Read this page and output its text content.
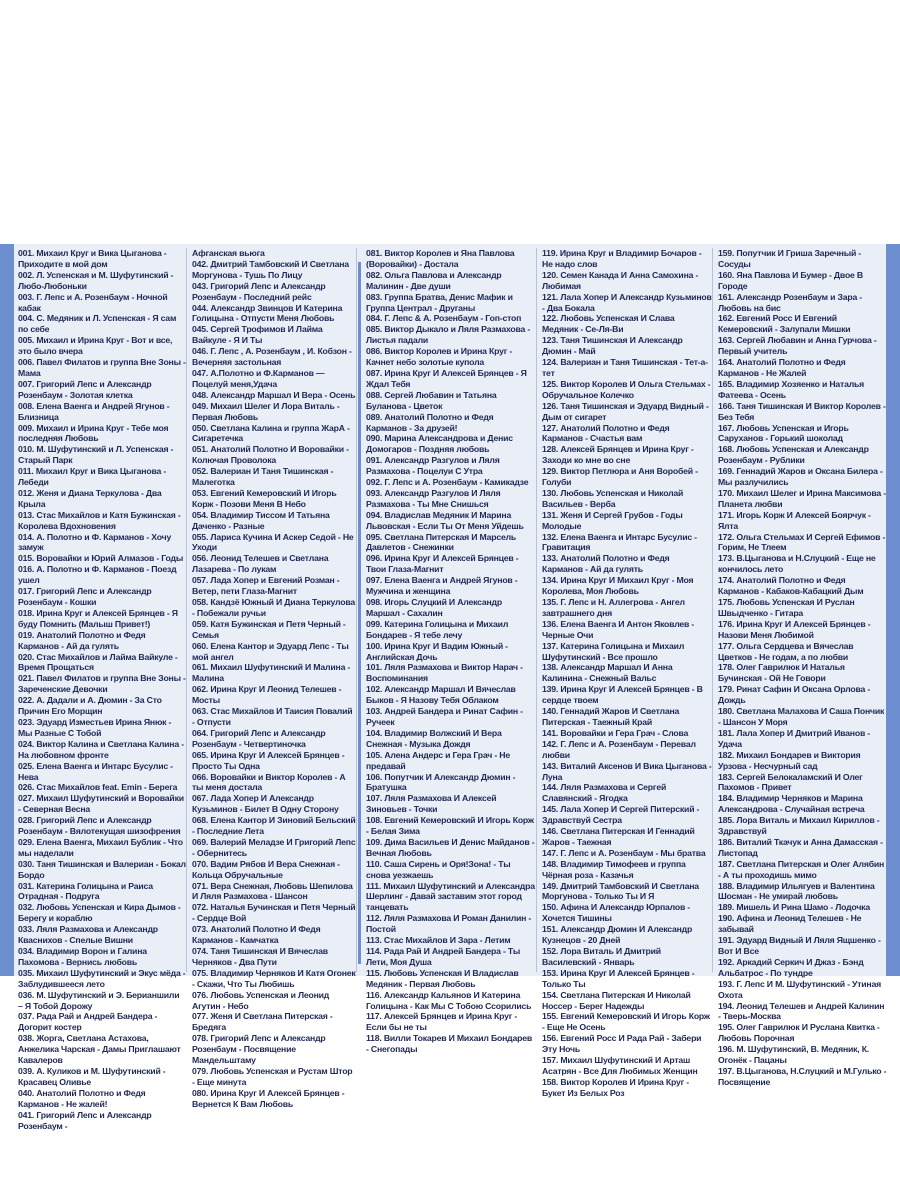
001. Михаил Круг и Вика Цыганова - Приходите в мой дом
002. Л. Успенская и М. Шуфутинский - Любо-Любоньки
003. Г. Лепс и А. Розенбаум - Ночной кабак
004. С. Медяник и Л. Успенская - Я сам по себе
005. Михаил и Ирина Круг - Вот и все, это было вчера
006. Павел Филатов и группа Вне Зоны - Мама
007. Григорий Лепс и Александр Розенбаум - Золотая клетка
008. Елена Ваенга и Андрей Ягунов - Близница
009. Михаил и Ирина Круг - Тебе моя последняя Любовь
010. М. Шуфутинский и Л. Успенская - Старый Парк
011. Михаил Круг и Вика Цыганова - Лебеди
012. Женя и Диана Теркулова - Два Крыла
013. Стас Михайлов и Катя Бужинская - Королева Вдохновения
014. А. Полотно и Ф. Карманов - Хочу замуж
015. Воровайки и Юрий Алмазов - Годы
016. А. Полотно и Ф. Карманов - Поезд ушел
017. Григорий Лепс и Александр Розенбаум - Кошки
018. Ирина Круг и Алексей Брянцев - Я буду Помнить (Малыш Привет!)
019. Анатолий Полотно и Федя Карманов - Ай да гулять
020. Стас Михайлов и Лайма Вайкуле - Время Прощаться
021. Павел Филатов и группа Вне Зоны - Зареченские Девочки
022. А. Дадали и А. Дюмин - За Сто Причин Его Морщин
023. Эдуард Изместьев Ирина Янюк - Мы Разные С Тобой
024. Виктор Калина и Светлана Калина - На любовном фронте
025. Елена Ваенга и Интарс Бусулис - Нева
026. Стас Михайлов feat. Emin - Берега
027. Михаил Шуфутинский и Воровайки - Северная Весна
028. Григорий Лепс и Александр Розенбаум - Вялотекущая шизофрения
029. Елена Ваенга, Михаил Бублик - Что мы наделали
030. Таня Тишинская и Валериан - Бокал Бордо
031. Катерина Голицына и Раиса Отрадная - Подруга
032. Любовь Успенская и Кира Дымов - Берегу и кораблю
033. Ляля Размахова и Александр Кваснихов - Спелые Вишни
034. Владимир Ворон и Галина Пахомова - Вернись любовь
035. Михаил Шуфутинский и Экус мёда - Заблудившееся лето
036. М. Шуфутинский и Э. Берианшили – Я Тобой Дорожу
037. Рада Рай и Андрей Бандера - Догорит костер
038. Жорга, Светлана Астахова, Анжелика Чарская - Дамы Приглашают Кавалеров
039. А. Куликов и М. Шуфутинский - Красавец Оливье
040. Анатолий Полотно и Федя Карманов - Не жалей!
041. Григорий Лепс и Александр Розенбаум -
Афганская вьюга
042. Дмитрий Тамбовский И Светлана Моргунова - Тушь По Лицу
043. Григорий Лепс и Александр Розенбаум - Последний рейс
044. Александр Звинцов И Катерина Голицына - Отпусти Меня Любовь
045. Сергей Трофимов И Лайма Вайкуле - Я И Ты
046. Г. Лепс , А. Розенбаум , И. Кобзон - Вечерняя застольная
047. А.Полотно и Ф.Карманов — Поцелуй меня,Удача
048. Александр Маршал И Вера - Осень
049. Михаил Шелег И Лора Виталь - Первая Любовь
050. Светлана Калина и группа ЖарА - Сигаретечка
051. Анатолий Полотно И Воровайки - Колючая Проволока
052. Валериан И Таня Тишинская - Малеготка
053. Евгений Кемеровский И Игорь Корж - Позови Меня В Небо
054. Владимир Тиссом И Татьяна Даченко - Разные
055. Лариса Кучина И Аскер Седой - Не Уходи
056. Леонид Телешев и Светлана Лазарева - По лукам
057. Лада Хопер и Евгений Розман - Ветер, пети Глаза-Магнит
058. Кандзё Южный И Диана Теркулова - Побежали ручьи
059. Катя Бужинская и Петя Черный - Семья
060. Елена Кантор и Эдуард Лепс - Ты мой ангел
061. Михаил Шуфутинский И Малина - Малина
062. Ирина Круг И Леонид Телешев - Мосты
063. Стас Михайлов И Таисия Повалий - Отпусти
064. Григорий Лепс и Александр Розенбаум - Четвертиночка
065. Ирина Круг И Алексей Брянцев - Просто Ты Одна
066. Воровайки и Виктор Королев - А ты меня достала
067. Лада Хопер И Александр Кузьминов - Билет В Одну Сторону
068. Елена Кантор И Зиновий Бельский - Последние Лета
069. Валерий Меладзе И Григорий Лепс - Обернитесь
070. Вадим Рябов И Вера Снежная - Кольца Обручальные
071. Вера Снежная, Любовь Шепилова И Ляля Размахова - Шансон
072. Наталья Бучинская и Петя Черный - Сердце Вой
073. Анатолий Полотно И Федя Карманов - Камчатка
074. Таня Тишинская И Вячеслав Черняков - Два Пути
075. Владимир Черняков И Катя Огонек - Скажи, Что Ты Любишь
076. Любовь Успенская и Леонид Агутин - Небо
077. Женя И Светлана Питерская - Бредяга
078. Григорий Лепс и Александр Розенбаум - Посвящение Мандельштаму
079. Любовь Успенская и Рустам Штор - Еще минута
080. Ирина Круг И Алексей Брянцев - Вернется К Вам Любовь
081. Виктор Королев и Яна Павлова (Воровайки) - Достала
082. Ольга Павлова и Александр Малинин - Две души
083. Группа Братва, Денис Мафик и Группа Централ - Друганы
084. Г. Лепс & А. Розенбаум - Гоп-стоп
085. Виктор Дыкало и Ляля Размахова - Листья падали
086. Виктор Королев и Ирина Круг - Качнет небо золотые купола
087. Ирина Круг И Алексей Брянцев - Я Ждал Тебя
088. Сергей Любавин и Татьяна Буланова - Цветок
089. Анатолий Полотно и Федя Карманов - За друзей!
090. Марина Александрова и Денис Домогаров - Поздняя любовь
091. Александр Разгулов и Ляля Размахова - Поцелуи С Утра
092. Г. Лепс и А. Розенбаум - Камикадзе
093. Александр Разгулов И Ляля Размахова - Ты Мне Снишься
094. Владислав Медяник И Марина Львовская - Если Ты От Меня Уйдешь
095. Светлана Питерская И Марсель Давлетов - Снежинки
096. Ирина Круг И Алексей Брянцев - Твои Глаза-Магнит
097. Елена Ваенга и Андрей Ягунов - Мужчина и женщина
098. Игорь Слуцкий И Александр Маршал - Сахалин
099. Катерина Голицына и Михаил Бондарев - Я тебе лечу
100. Ирина Круг И Вадим Южный - Английская Дочь
101. Ляля Размахова и Виктор Нарач - Воспоминания
102. Александр Маршал И Вячеслав Быков - Я Назову Тебя Облаком
103. Андрей Бандера и Ринат Сафин - Ручеек
104. Владимир Волжский И Вера Снежная - Музыка Дождя
105. Алена Андерс и Гера Грач - Не предавай
106. Попутчик И Александр Дюмин - Братушка
107. Ляля Размахова И Алексей Зиновьев - Точки
108. Евгений Кемеровский И Игорь Корж - Белая Зима
109. Дима Васильев И Денис Майданов - Вечная Любовь
110. Саша Сирень и Оря!Зона! - Ты снова уезжаешь
111. Михаил Шуфутинский и Александра Шерлинг - Давай заставим этот город танцевать
112. Ляля Размахова И Роман Данилин - Постой
113. Стас Михайлов И Зара - Летим
114. Рада Рай И Андрей Бандера - Ты Лети, Моя Душа
115. Любовь Успенская И Владислав Медяник - Первая Любовь
116. Александр Кальянов И Катерина Голицына - Как Мы С Тобою Ссорились
117. Алексей Брянцев и Ирина Круг - Если бы не ты
118. Вилли Токарев И Михаил Бондарев - Снегопады
119. Ирина Круг и Владимир Бочаров - Не надо слов
120. Семен Канада И Анна Самохина - Любимая
121. Лала Хопер И Александр Кузьминов - Два Бокала
122. Любовь Успенская И Слава Медяник - Се-Ля-Ви
123. Таня Тишинская И Александр Дюмин - Май
124. Валериан и Таня Тишинская - Тет-а-тет
125. Виктор Королев И Ольга Стельмах - Обручальное Колечко
126. Таня Тишинская и Эдуард Видный - Дым от сигарет
127. Анатолий Полотно и Федя Карманов - Счастья вам
128. Алексей Брянцев и Ирина Круг - Заходи ко мне во сне
129. Виктор Петлюра и Аня Воробей - Голуби
130. Любовь Успенская и Николай Васильев - Верба
131. Женя И Сергей Грубов - Годы Молодые
132. Елена Ваенга и Интарс Бусулис - Гравитация
133. Анатолий Полотно и Федя Карманов - Ай да гулять
134. Ирина Круг И Михаил Круг - Моя Королева, Моя Любовь
135. Г. Лепс и Н. Аллегрова - Ангел завтрашнего дня
136. Елена Ваенга И Антон Яковлев - Черные Очи
137. Катерина Голицына и Михаил Шуфутинский - Все прошло
138. Александр Маршал И Анна Калинина - Снежный Вальс
139. Ирина Круг И Алексей Брянцев - В сердце твоем
140. Геннадий Жаров И Светлана Питерская - Таежный Край
141. Воровайки и Гера Грач - Слова
142. Г. Лепс и А. Розенбаум - Перевал любви
143. Виталий Аксенов И Вика Цыганова - Луна
144. Ляля Размахова и Сергей Славянский - Ягодка
145. Лала Хопер И Сергей Питерский - Здравствуй Сестра
146. Светлана Питерская И Геннадий Жаров - Таежная
147. Г. Лепс и А. Розенбаум - Мы братва
148. Владимир Тимофеев и группа Чёрная роза - Казачья
149. Дмитрий Тамбовский И Светлана Моргунова - Только Ты И Я
150. Афина И Александр Юрпалов - Хочется Тишины
151. Александр Дюмин И Александр Кузнецов - 20 Дней
152. Лора Виталь И Дмитрий Василевский - Январь
153. Ирина Круг И Алексей Брянцев - Только Ты
154. Светлана Питерская И Николай Носсер - Берег Надежды
155. Евгений Кемеровский И Игорь Корж - Еще Не Осень
156. Евгений Росс И Рада Рай - Забери Эту Ночь
157. Михаил Шуфутинский И Арташ Асатрян - Все Для Любимых Женщин
158. Виктор Королев И Ирина Круг - Букет Из Белых Роз
159. Попутчик И Гриша Заречный - Сосуды
160. Яна Павлова И Бумер - Двое В Городе
161. Александр Розенбаум и Зара - Любовь на бис
162. Евгений Росс И Евгений Кемеровский - Залупали Мишки
163. Сергей Любавин и Анна Гурчова - Первый учитель
164. Анатолий Полотно и Федя Карманов - Не Жалей
165. Владимир Хозяенко и Наталья Фатеева - Осень
166. Таня Тишинская И Виктор Королев - Без Тебя
167. Любовь Успенская и Игорь Саруханов - Горький шоколад
168. Любовь Успенская и Александр Розенбаум - Рублики
169. Геннадий Жаров и Оксана Билера - Мы разлучились
170. Михаил Шелег и Ирина Максимова - Планета любви
171. Игорь Корж И Алексей Боярчук - Ялта
172. Ольга Стельмах И Сергей Ефимов - Горим, Не Тлеем
173. В.Цыганова и Н.Слуцкий - Еще не кончилось лето
174. Анатолий Полотно и Федя Карманов - Кабаков-Кабацкий Дым
175. Любовь Успенская И Руслан Швыдченко - Гитара
176. Ирина Круг И Алексей Брянцев - Назови Меня Любимой
177. Ольга Сердцева и Вячеслав Цветков - Не годам, а по любви
178. Олег Гаврилюк И Наталья Бучинская - Ой Не Говори
179. Ринат Сафин И Оксана Орлова - Дождь
180. Светлана Малахова И Саша Пончик - Шансон У Моря
181. Лала Хопер И Дмитрий Иванов - Удача
182. Михаил Бондарев и Виктория Урзова - Несчурный сад
183. Сергей Белокаламский И Олег Пахомов - Привет
184. Владимир Черняков и Марина Александрова - Случайная встреча
185. Лора Виталь и Михаил Кириллов - Здравствуй
186. Виталий Ткачук и Анна Дамасская - Листопад
187. Светлана Питерская и Олег Алябин - А ты проходишь мимо
188. Владимир Ильягуев и Валентина Шосман - Не умирай любовь
189. Мишель И Рина Шамо - Лодочка
190. Афина и Леонид Телешев - Не забывай
191. Эдуард Видный И Ляля Ящшенко - Вот И Все
192. Аркадий Серкич И Джаз - Бэнд Альбатрос - По тундре
193. Г. Лепс И М. Шуфутинский - Утиная Охота
194. Леонид Телешев и Андрей Калинин - Тверь-Москва
195. Олег Гаврилюк И Руслана Квитка - Любовь Порочная
196. М. Шуфутинский, В. Медяник, К. Огонёк - Пацаны
197. В.Цыганова, Н.Слуцкий и М.Гулько - Посвящение
